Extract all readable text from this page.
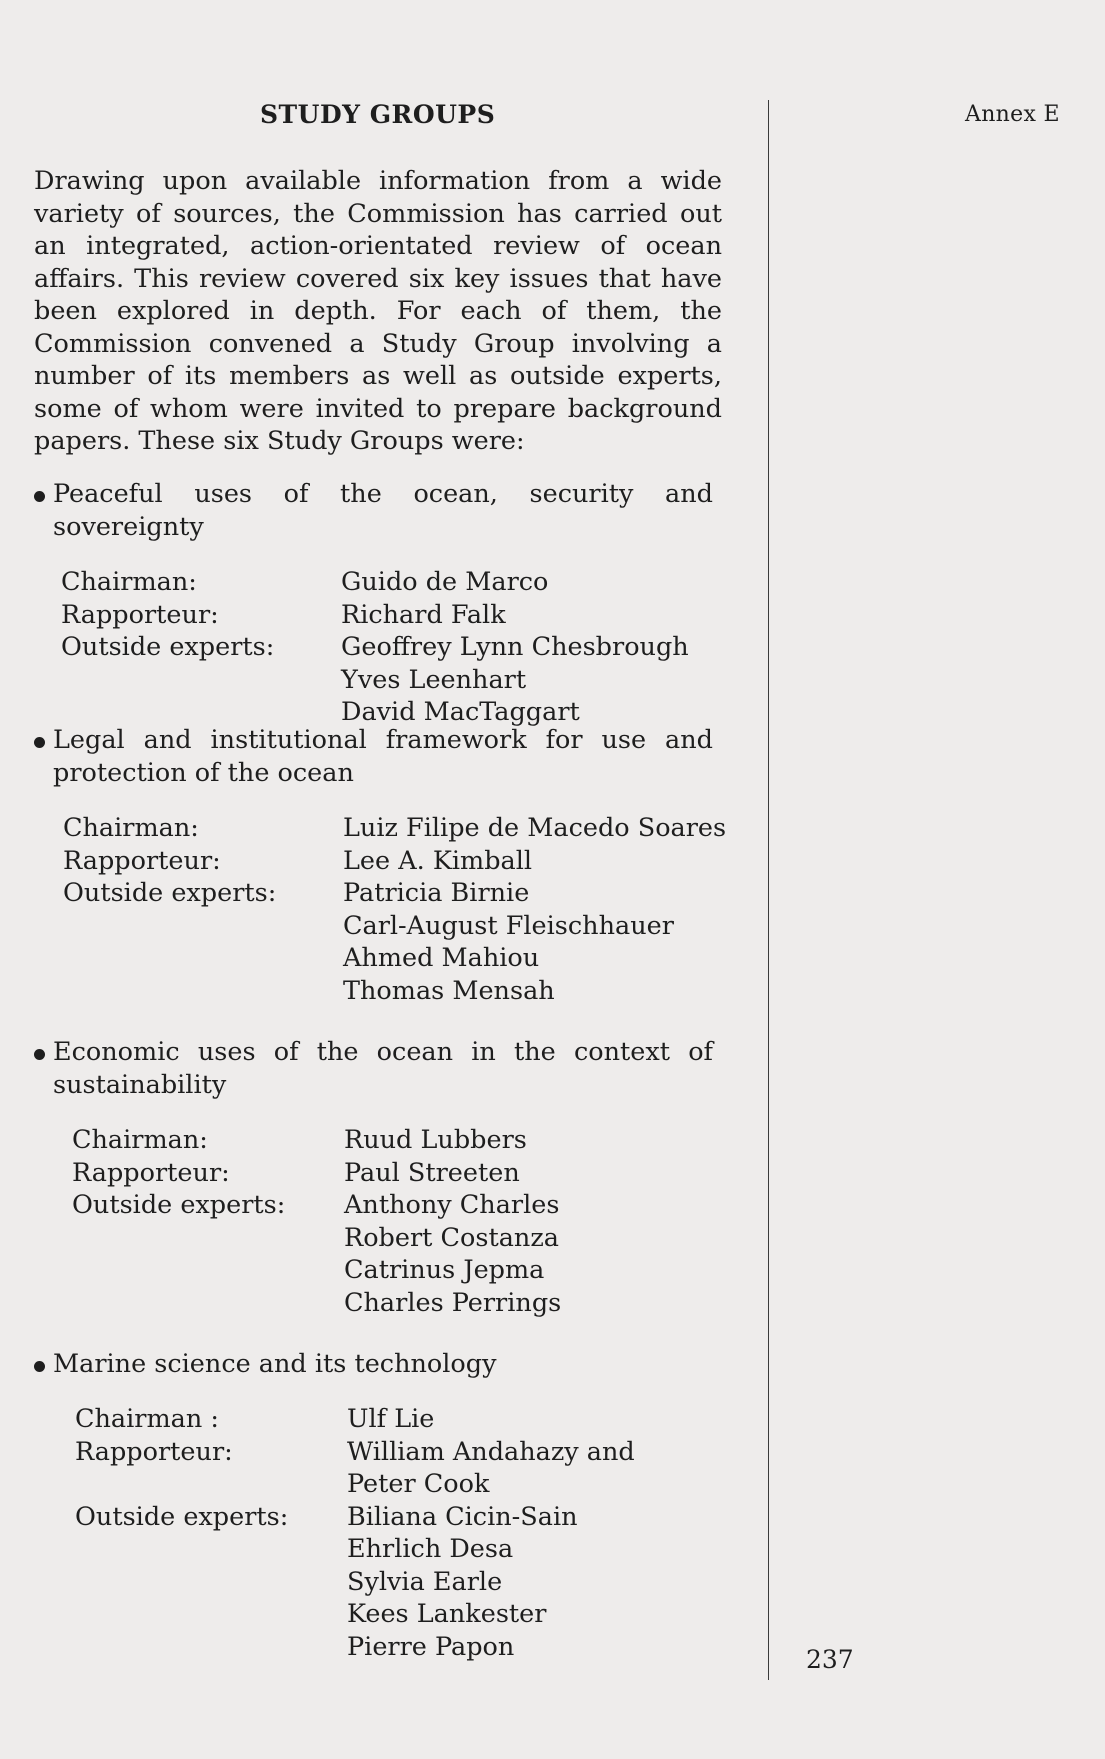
Annex E
237
STUDY GROUPS

Drawing upon available information from a wide variety of sources, the Commission has carried out an integrated, action-orientated review of ocean affairs. This review covered six key issues that have been explored in depth. For each of them, the Commission convened a Study Group involving a number of its members as well as outside experts, some of whom were invited to prepare background papers. These six Study Groups were:

Peaceful uses of the ocean, security and sovereignty
Chairman:	Guido de Marco
Rapporteur:	Richard Falk
Outside experts:	Geoffrey Lynn Chesbrough
	Yves Leenhart
	David MacTaggart
Legal and institutional framework for use and protection of the ocean
Chairman:	Luiz Filipe de Macedo Soares
Rapporteur:	Lee A. Kimball
Outside experts:	Patricia Birnie
	Carl-August Fleischhauer
	Ahmed Mahiou
	Thomas Mensah
Economic uses of the ocean in the context of sustainability
Chairman:	Ruud Lubbers
Rapporteur:	Paul Streeten
Outside experts:	Anthony Charles
	Robert Costanza
	Catrinus Jepma
	Charles Perrings
Marine science and its technology
Chairman :	Ulf Lie
Rapporteur:	William Andahazy and
	Peter Cook
Outside experts:	Biliana Cicin-Sain
	Ehrlich Desa
	Sylvia Earle
	Kees Lankester
	Pierre Papon
